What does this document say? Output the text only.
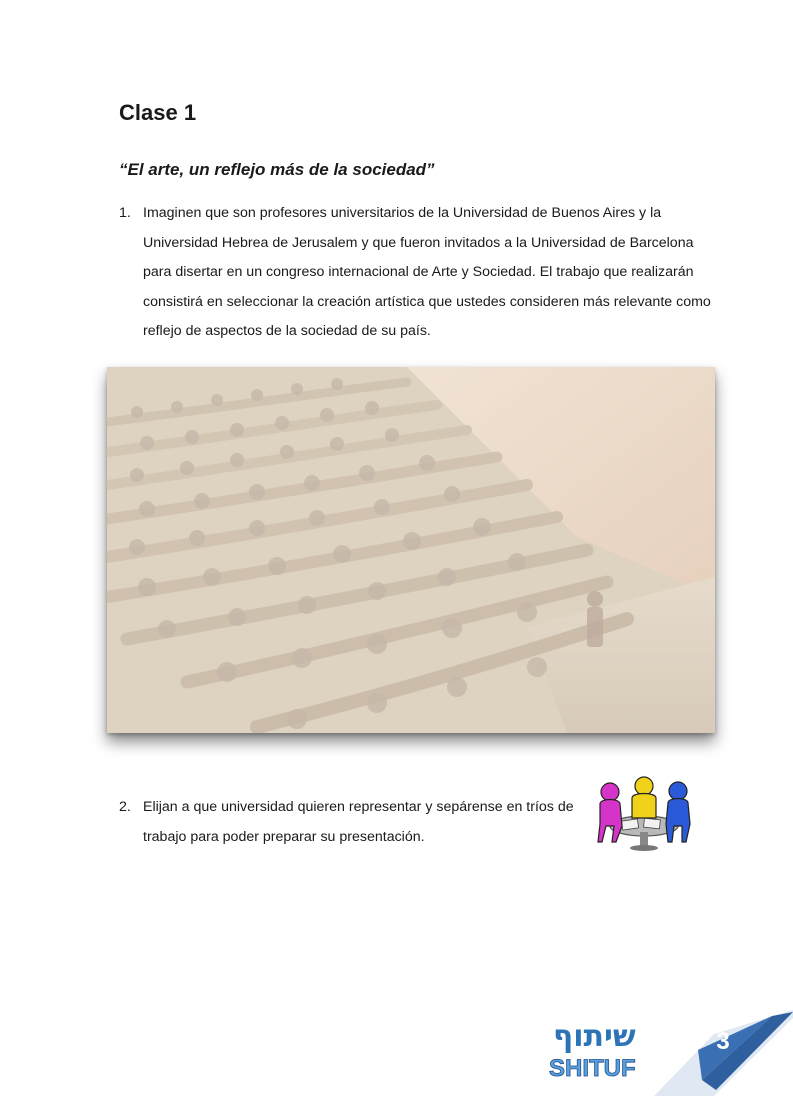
Clase 1
“El arte, un reflejo más de la sociedad”
1. Imaginen que son profesores universitarios de la Universidad de Buenos Aires y la Universidad Hebrea de Jerusalem y que fueron invitados a la Universidad de Barcelona para disertar en un congreso internacional de Arte y Sociedad. El trabajo que realizarán consistirá en seleccionar la creación artística que ustedes consideren más relevante como reflejo de aspectos de la sociedad de su país.
2. Elijan a que universidad quieren representar y sepárense en tríos de trabajo para poder preparar su presentación.
שיתוף
SHITUF
3
